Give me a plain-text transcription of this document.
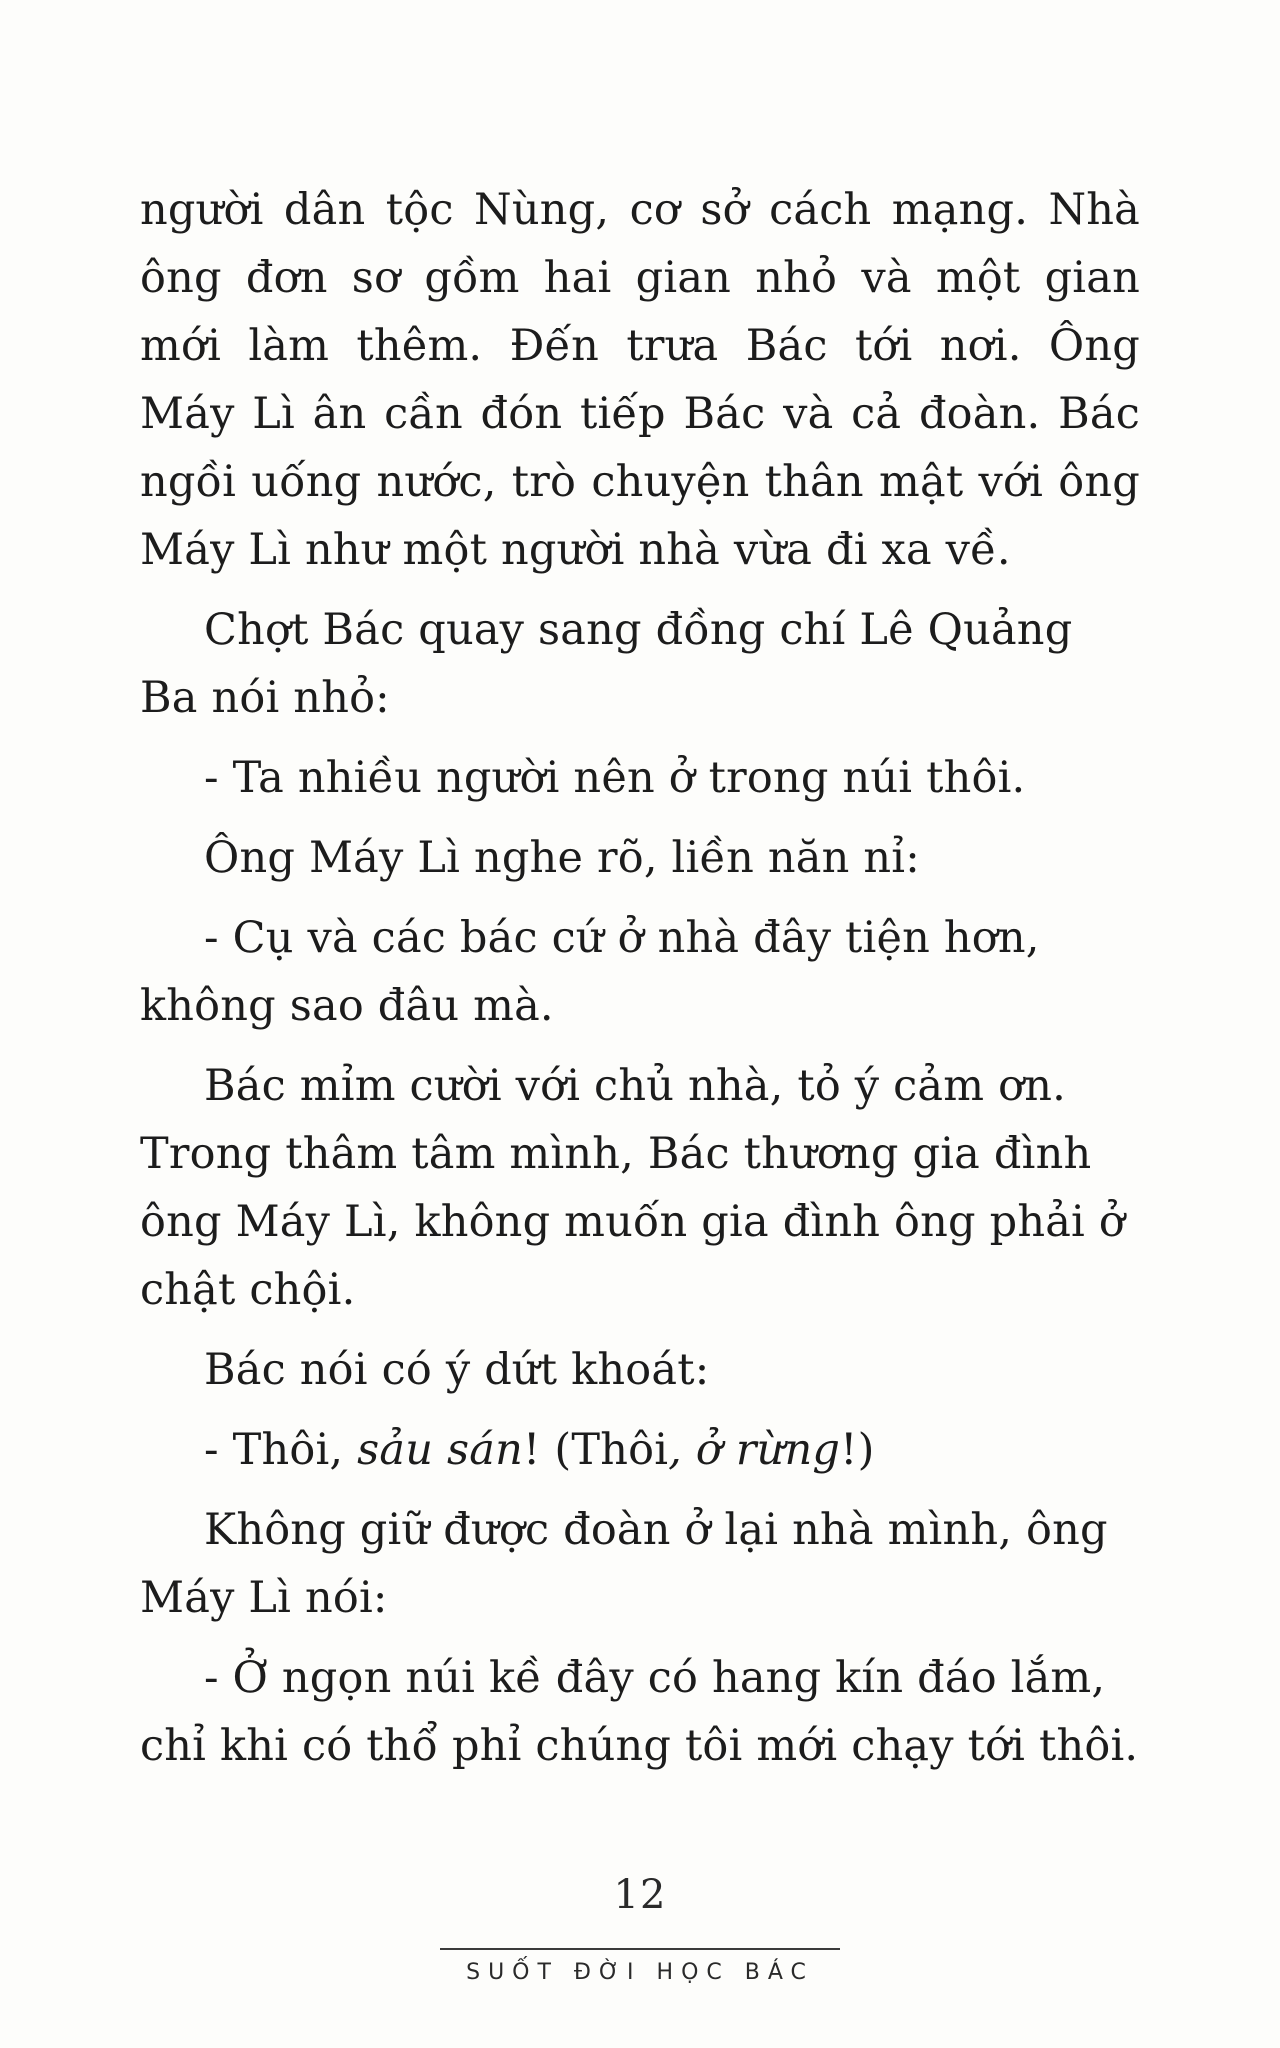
người dân tộc Nùng, cơ sở cách mạng. Nhà ông đơn sơ gồm hai gian nhỏ và một gian mới làm thêm. Đến trưa Bác tới nơi. Ông Máy Lì ân cần đón tiếp Bác và cả đoàn. Bác ngồi uống nước, trò chuyện thân mật với ông Máy Lì như một người nhà vừa đi xa về.

Chợt Bác quay sang đồng chí Lê Quảng Ba nói nhỏ:

- Ta nhiều người nên ở trong núi thôi.

Ông Máy Lì nghe rõ, liền năn nỉ:

- Cụ và các bác cứ ở nhà đây tiện hơn, không sao đâu mà.

Bác mỉm cười với chủ nhà, tỏ ý cảm ơn. Trong thâm tâm mình, Bác thương gia đình ông Máy Lì, không muốn gia đình ông phải ở chật chội.

Bác nói có ý dứt khoát:

- Thôi, sảu sán! (Thôi, ở rừng!)

Không giữ được đoàn ở lại nhà mình, ông Máy Lì nói:

- Ở ngọn núi kề đây có hang kín đáo lắm, chỉ khi có thổ phỉ chúng tôi mới chạy tới thôi.

12
SUỐT ĐỜI HỌC BÁC
